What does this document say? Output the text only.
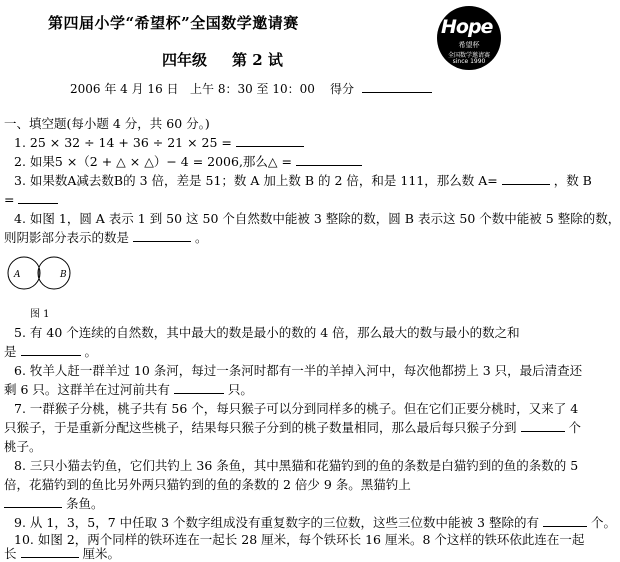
第四届小学“希望杯”全国数学邀请赛	Hope
希望杯
全国数学邀请赛
since 1990
四年级 第 2 试
2006 年 4 月 16 日 上午 8：30 至 10：00 得分
一、填空题(每小题 4 分，共 60 分。)
1. 25 × 32 ÷ 14 + 36 ÷ 21 × 25 =
2. 如果5 ×（2 + △ × △）− 4 = 2006,那么△ =
3. 如果数A减去数B的 3 倍，差是 51；数 A 加上数 B 的 2 倍，和是 111，那么数 A=	，数 B
=
4. 如图 1，圆 A 表示 1 到 50 这 50 个自然数中能被 3 整除的数，圆 B 表示这 50 个数中能被 5 整除的数，
则阴影部分表示的数是	。
A	B
图 1
5. 有 40 个连续的自然数，其中最大的数是最小的数的 4 倍，那么最大的数与最小的数之和
是	。
6. 牧羊人赶一群羊过 10 条河，每过一条河时都有一半的羊掉入河中，每次他都捞上 3 只，最后清查还
剩 6 只。这群羊在过河前共有	只。
7. 一群猴子分桃，桃子共有 56 个，每只猴子可以分到同样多的桃子。但在它们正要分桃时，又来了 4
只猴子，于是重新分配这些桃子，结果每只猴子分到的桃子数量相同，那么最后每只猴子分到	个
桃子。
8. 三只小猫去钓鱼，它们共钓上 36 条鱼，其中黑猫和花猫钓到的鱼的条数是白猫钓到的鱼的条数的 5
倍，花猫钓到的鱼比另外两只猫钓到的鱼的条数的 2 倍少 9 条。黑猫钓上
条鱼。
9. 从 1，3，5，7 中任取 3 个数字组成没有重复数字的三位数，这些三位数中能被 3 整除的有	个。
10. 如图 2，两个同样的铁环连在一起长 28 厘米，每个铁环长 16 厘米。8 个这样的铁环依此连在一起
长	厘米。
